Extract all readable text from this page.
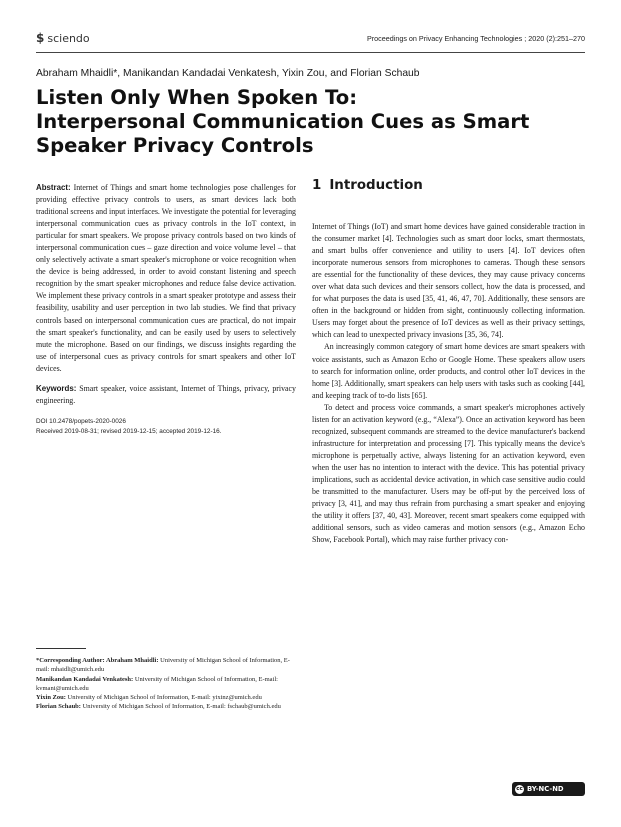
$ sciendo	Proceedings on Privacy Enhancing Technologies ; 2020 (2):251–270
Abraham Mhaidli*, Manikandan Kandadai Venkatesh, Yixin Zou, and Florian Schaub
Listen Only When Spoken To:
Interpersonal Communication Cues as Smart
Speaker Privacy Controls

Abstract: Internet of Things and smart home technologies pose challenges for providing effective privacy controls to users, as smart devices lack both traditional screens and input interfaces. We investigate the potential for leveraging interpersonal communication cues as privacy controls in the IoT context, in particular for smart speakers. We propose privacy controls based on two kinds of interpersonal communication cues – gaze direction and voice volume level – that only selectively activate a smart speaker's microphone or voice recognition when the device is being addressed, in order to avoid constant listening and speech recognition by the smart speaker microphones and reduce false device activation. We implement these privacy controls in a smart speaker prototype and assess their feasibility, usability and user perception in two lab studies. We find that privacy controls based on interpersonal communication cues are practical, do not impair the smart speaker's functionality, and can be easily used by users to selectively mute the microphone. Based on our findings, we discuss insights regarding the use of interpersonal cues as privacy controls for smart speakers and other IoT devices.

Keywords: Smart speaker, voice assistant, Internet of Things, privacy, privacy engineering.

DOI 10.2478/popets-2020-0026
Received 2019-08-31; revised 2019-12-15; accepted 2019-12-16.

*Corresponding Author: Abraham Mhaidli: University of Michigan School of Information, E-mail: mhaidli@umich.edu

Manikandan Kandadai Venkatesh: University of Michigan School of Information, E-mail: kvmani@umich.edu

Yixin Zou: University of Michigan School of Information, E-mail: yixinz@umich.edu

Florian Schaub: University of Michigan School of Information, E-mail: fschaub@umich.edu

1 Introduction

Internet of Things (IoT) and smart home devices have gained considerable traction in the consumer market [4]. Technologies such as smart door locks, smart thermostats, and smart bulbs offer convenience and utility to users [4]. IoT devices often incorporate numerous sensors from microphones to cameras. Though these sensors are essential for the functionality of these devices, they may cause privacy concerns over what data such devices and their sensors collect, how the data is processed, and for what purposes the data is used [35, 41, 46, 47, 70]. Additionally, these sensors are often in the background or hidden from sight, continuously collecting information. Users may forget about the presence of IoT devices as well as their privacy settings, which can lead to unexpected privacy invasions [35, 36, 74].

An increasingly common category of smart home devices are smart speakers with voice assistants, such as Amazon Echo or Google Home. These speakers allow users to search for information online, order products, and control other IoT devices in the home [3]. Additionally, smart speakers can help users with tasks such as cooking [44], and keeping track of to-do lists [65].

To detect and process voice commands, a smart speaker's microphones actively listen for an activation keyword (e.g., “Alexa”). Once an activation keyword has been recognized, subsequent commands are streamed to the device manufacturer's backend infrastructure for interpretation and processing [7]. This typically means the device's microphone is perpetually active, always listening for an activation keyword, even when the user has no intention to interact with the device. This has potential privacy implications, such as accidental device activation, in which case sensitive audio could be transmitted to the manufacturer. Users may be off-put by the perceived loss of privacy [3, 41], and may thus refrain from purchasing a smart speaker and enjoying the utility it offers [37, 40, 43]. Moreover, recent smart speakers come equipped with additional sensors, such as video cameras and motion sensors (e.g., Amazon Echo Show, Facebook Portal), which may raise further privacy con-

cc BY-NC-ND
